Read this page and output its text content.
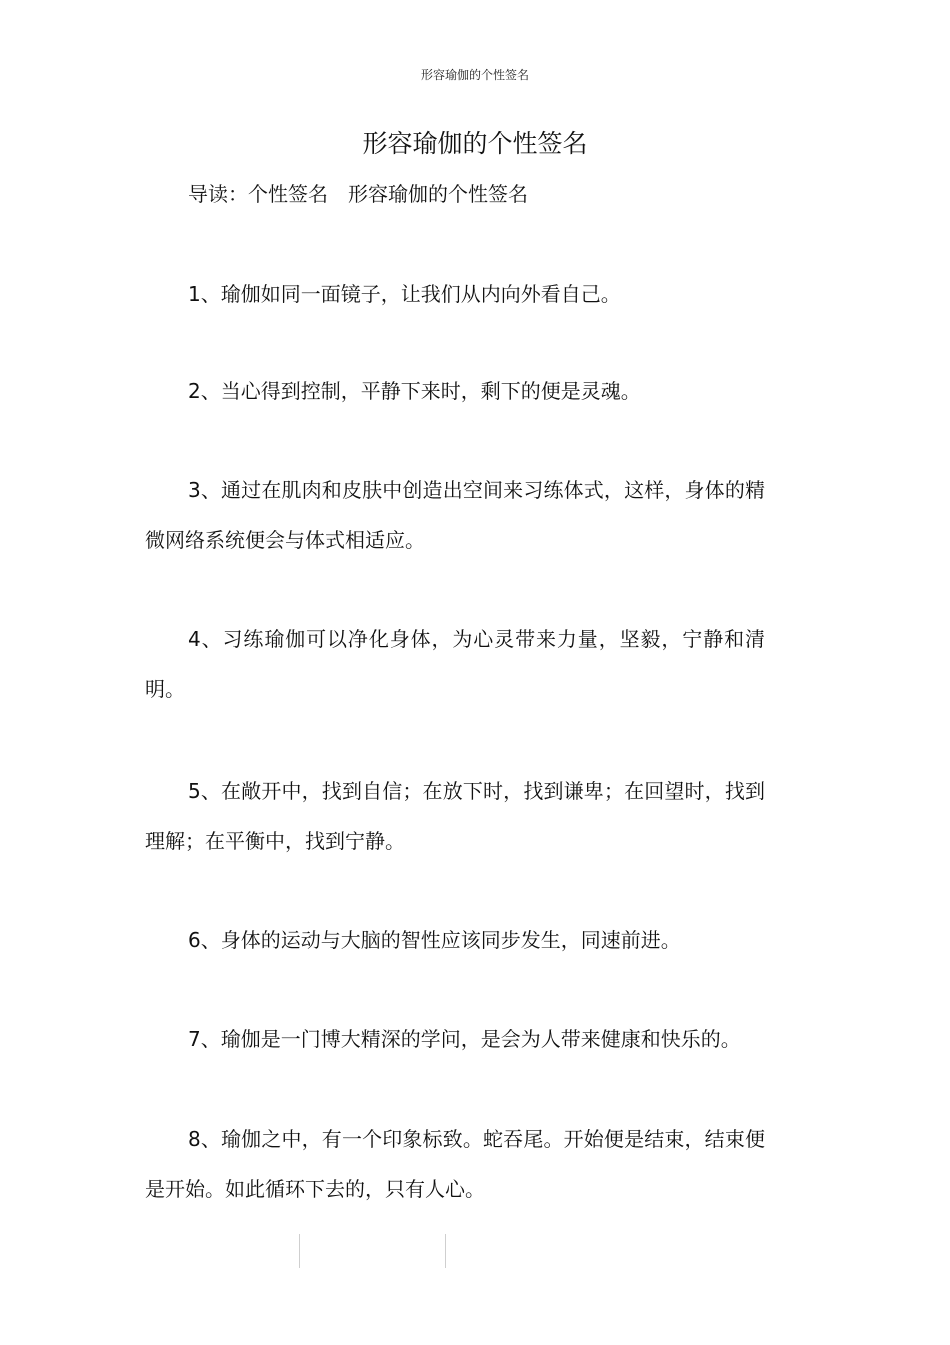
形容瑜伽的个性签名
形容瑜伽的个性签名
导读：个性签名　形容瑜伽的个性签名

1、瑜伽如同一面镜子，让我们从内向外看自己。

2、当心得到控制，平静下来时，剩下的便是灵魂。

3、通过在肌肉和皮肤中创造出空间来习练体式，这样，身体的精微网络系统便会与体式相适应。

4、习练瑜伽可以净化身体，为心灵带来力量，坚毅，宁静和清明。

5、在敞开中，找到自信；在放下时，找到谦卑；在回望时，找到理解；在平衡中，找到宁静。

6、身体的运动与大脑的智性应该同步发生，同速前进。

7、瑜伽是一门博大精深的学问，是会为人带来健康和快乐的。

8、瑜伽之中，有一个印象标致。蛇吞尾。开始便是结束，结束便是开始。如此循环下去的，只有人心。
